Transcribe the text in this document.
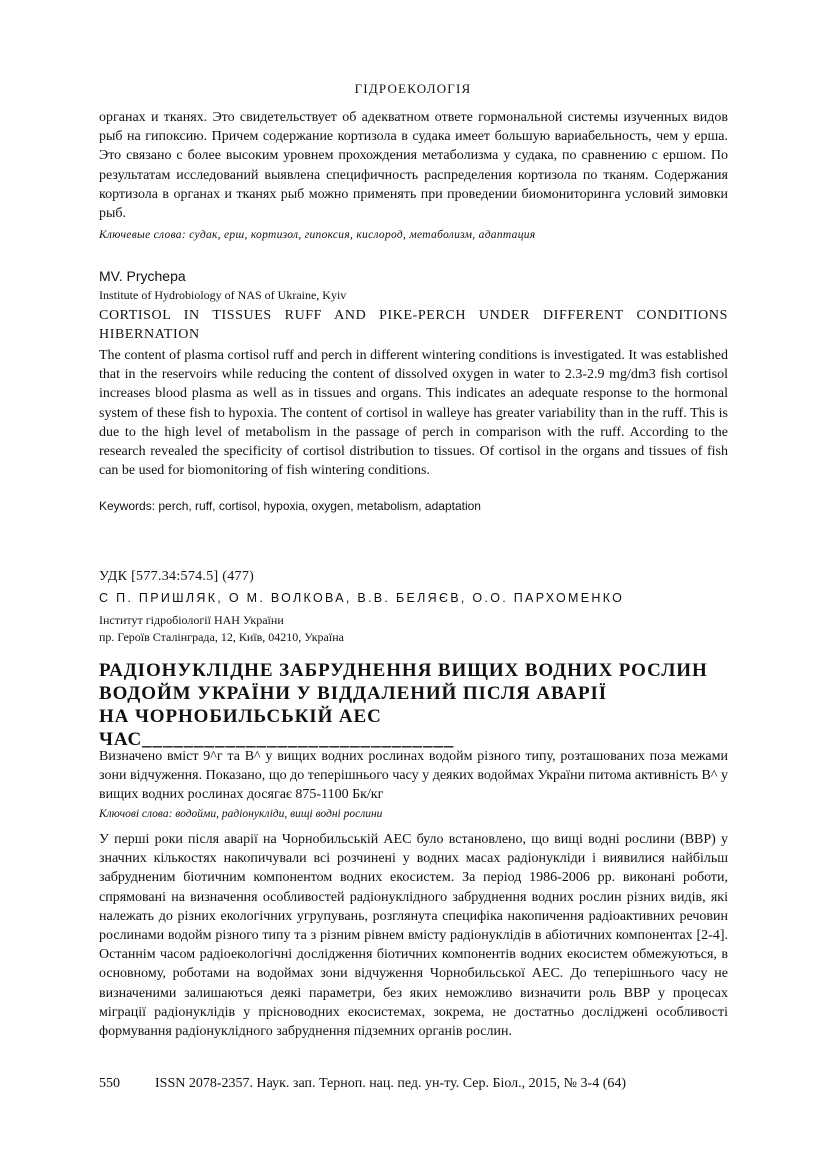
ГІДРОЕКОЛОГІЯ

органах и тканях. Это свидетельствует об адекватном ответе гормональной системы изученных видов рыб на гипоксию. Причем содержание кортизола в судака имеет большую вариабельность, чем у ерша. Это связано с более высоким уровнем прохождения метаболизма у судака, по сравнению с ершом. По результатам исследований выявлена специфичность распределения кортизола по тканям. Содержания кортизола в органах и тканях рыб можно применять при проведении биомониторинга условий зимовки рыб.

Ключевые слова: судак, ерш, кортизол, гипоксия, кислород, метаболизм, адаптация
MV. Prychepa
Institute of Hydrobiology of NAS of Ukraine, Kyiv
CORTISOL IN TISSUES RUFF AND PIKE-PERCH UNDER DIFFERENT CONDITIONS HIBERNATION

The content of plasma cortisol ruff and perch in different wintering conditions is investigated. It was established that in the reservoirs while reducing the content of dissolved oxygen in water to 2.3-2.9 mg/dm3 fish cortisol increases blood plasma as well as in tissues and organs. This indicates an adequate response to the hormonal system of these fish to hypoxia. The content of cortisol in walleye has greater variability than in the ruff. This is due to the high level of metabolism in the passage of perch in comparison with the ruff. According to the research revealed the specificity of cortisol distribution to tissues. Of cortisol in the organs and tissues of fish can be used for biomonitoring of fish wintering conditions.

Keywords: perch, ruff, cortisol, hypoxia, oxygen, metabolism, adaptation
УДК [577.34:574.5] (477)
С П. ПРИШЛЯК, О М. ВОЛКОВА, В.В. БЕЛЯЄВ, О.О. ПАРХОМЕНКО
Інститут гідробіології НАН України
пр. Героїв Сталінграда, 12, Київ, 04210, Україна
РАДІОНУКЛІДНЕ ЗАБРУДНЕННЯ ВИЩИХ ВОДНИХ РОСЛИН
ВОДОЙМ УКРАЇНИ У ВІДДАЛЕНИЙ ПІСЛЯ АВАРІЇ
НА ЧОРНОБИЛЬСЬКІЙ АЕС ЧАС______________________________

Визначено вміст 9^г та В^ у вищих водних рослинах водойм різного типу, розташованих поза межами зони відчуження. Показано, що до теперішнього часу у деяких водоймах України питома активність В^ у вищих водних рослинах досягає 875-1100 Бк/кг

Ключові слова: водойми, радіонукліди, вищі водні рослини

У перші роки після аварії на Чорнобильській АЕС було встановлено, що вищі водні рослини (ВВР) у значних кількостях накопичували всі розчинені у водних масах радіонукліди і виявилися найбільш забрудненим біотичним компонентом водних екосистем. За період 1986-2006 рр. виконані роботи, спрямовані на визначення особливостей радіонуклідного забруднення водних рослин різних видів, які належать до різних екологічних угрупувань, розглянута специфіка накопичення радіоактивних речовин рослинами водойм різного типу та з різним рівнем вмісту радіонуклідів в абіотичних компонентах [2-4]. Останнім часом радіоекологічні дослідження біотичних компонентів водних екосистем обмежуються, в основному, роботами на водоймах зони відчуження Чорнобильської АЕС. До теперішнього часу не визначеними залишаються деякі параметри, без яких неможливо визначити роль ВВР у процесах міграції радіонуклідів у прісноводних екосистемах, зокрема, не достатньо досліджені особливості формування радіонуклідного забруднення підземних органів рослин.

550	ISSN 2078-2357. Наук. зап. Терноп. нац. пед. ун-ту. Сер. Біол., 2015, № 3-4 (64)
